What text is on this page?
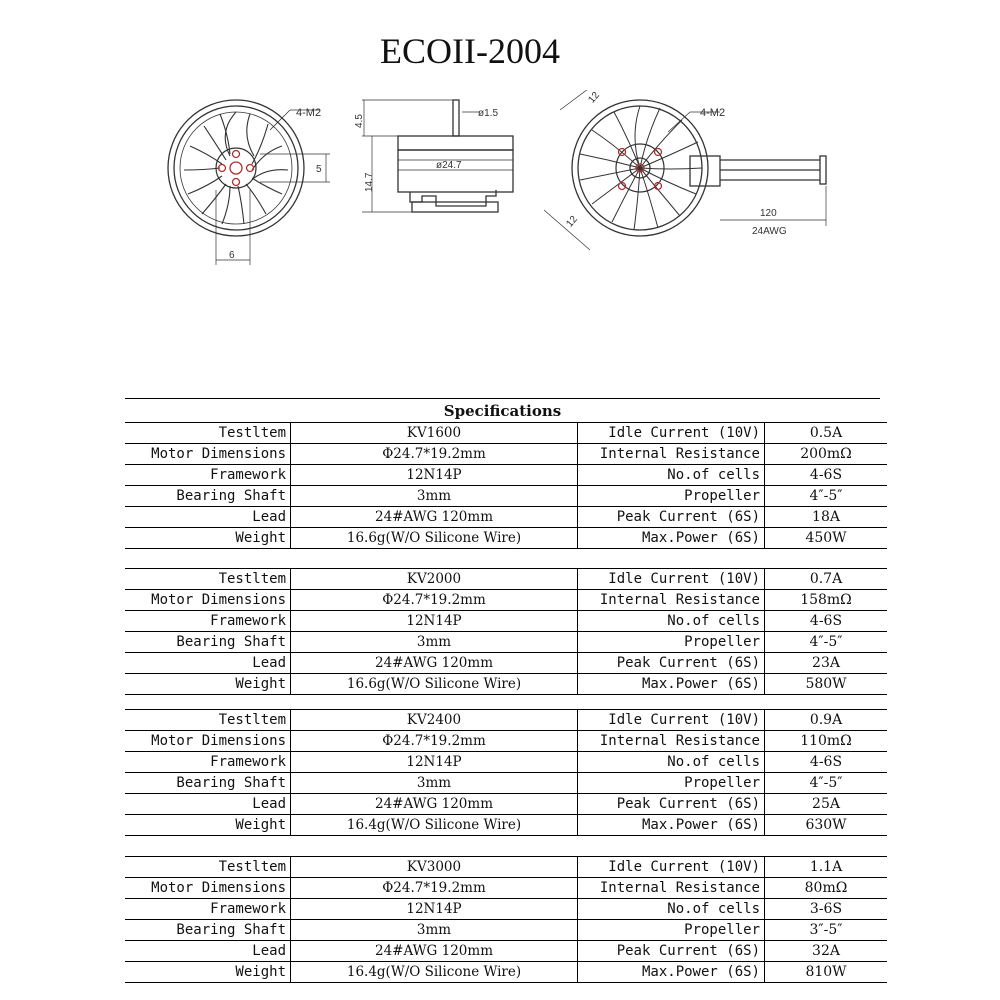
ECOII-2004
4-M2
5
6
4.5
ø1.5
14.7
ø24.7
4-M2
12
12
120
24AWG
Specifications
Testltem	KV1600	Idle Current (10V)	0.5A
Motor Dimensions	Φ24.7*19.2mm	Internal Resistance	200mΩ
Framework	12N14P	No.of cells	4-6S
Bearing Shaft	3mm	Propeller	4″-5″
Lead	24#AWG 120mm	Peak Current (6S)	18A
Weight	16.6g(W/O Silicone Wire)	Max.Power (6S)	450W
Testltem	KV2000	Idle Current (10V)	0.7A
Motor Dimensions	Φ24.7*19.2mm	Internal Resistance	158mΩ
Framework	12N14P	No.of cells	4-6S
Bearing Shaft	3mm	Propeller	4″-5″
Lead	24#AWG 120mm	Peak Current (6S)	23A
Weight	16.6g(W/O Silicone Wire)	Max.Power (6S)	580W
Testltem	KV2400	Idle Current (10V)	0.9A
Motor Dimensions	Φ24.7*19.2mm	Internal Resistance	110mΩ
Framework	12N14P	No.of cells	4-6S
Bearing Shaft	3mm	Propeller	4″-5″
Lead	24#AWG 120mm	Peak Current (6S)	25A
Weight	16.4g(W/O Silicone Wire)	Max.Power (6S)	630W
Testltem	KV3000	Idle Current (10V)	1.1A
Motor Dimensions	Φ24.7*19.2mm	Internal Resistance	80mΩ
Framework	12N14P	No.of cells	3-6S
Bearing Shaft	3mm	Propeller	3″-5″
Lead	24#AWG 120mm	Peak Current (6S)	32A
Weight	16.4g(W/O Silicone Wire)	Max.Power (6S)	810W
